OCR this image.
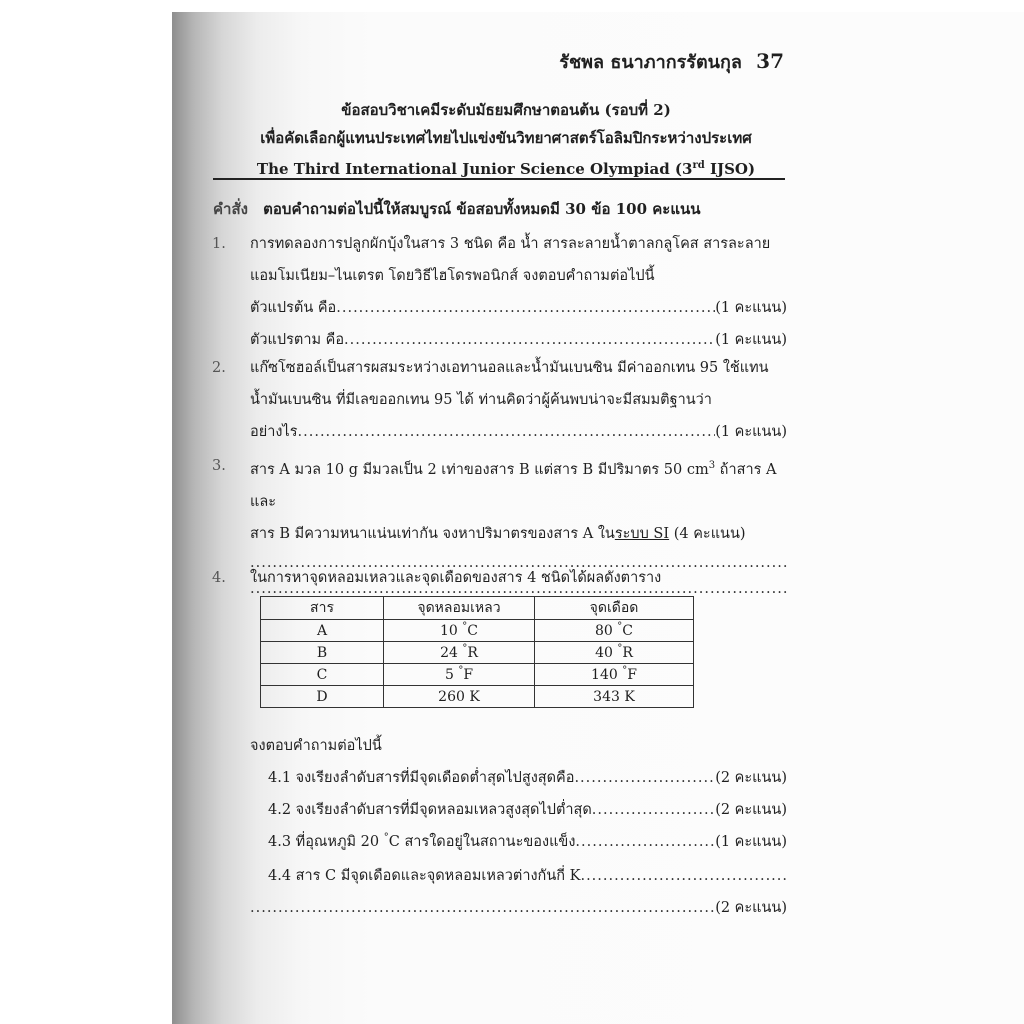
รัชพล ธนาภากรรัตนกุล 37
ข้อสอบวิชาเคมีระดับมัธยมศึกษาตอนต้น (รอบที่ 2)
เพื่อคัดเลือกผู้แทนประเทศไทยไปแข่งขันวิทยาศาสตร์โอลิมปิกระหว่างประเทศ
The Third International Junior Science Olympiad (3rd IJSO)
คำสั่ง ตอบคำถามต่อไปนี้ให้สมบูรณ์ ข้อสอบทั้งหมดมี 30 ข้อ 100 คะแนน
1.	การทดลองการปลูกผักบุ้งในสาร 3 ชนิด คือ น้ำ สารละลายน้ำตาลกลูโคส สารละลาย
แอมโมเนียม–ไนเตรต โดยวิธีไฮโดรพอนิกส์ จงตอบคำถามต่อไปนี้
ตัวแปรต้น คือ .....	(1 คะแนน)
ตัวแปรตาม คือ .....	(1 คะแนน)
2.	แก๊ซโซฮอล์เป็นสารผสมระหว่างเอทานอลและน้ำมันเบนซิน มีค่าออกเทน 95 ใช้แทน
น้ำมันเบนซิน ที่มีเลขออกเทน 95 ได้ ท่านคิดว่าผู้ค้นพบน่าจะมีสมมติฐานว่า
อย่างไร .....	(1 คะแนน)
3.	สาร A มวล 10 g มีมวลเป็น 2 เท่าของสาร B แต่สาร B มีปริมาตร 50 $cm^3$ ถ้าสาร A และ
สาร B มีความหนาแน่นเท่ากัน จงหาปริมาตรของสาร A ในระบบ SI (4 คะแนน)
.....
.....
4.	ในการหาจุดหลอมเหลวและจุดเดือดของสาร 4 ชนิดได้ผลดังตาราง
สาร	จุดหลอมเหลว	จุดเดือด
A	10 °C	80 °C
B	24 °R	40 °R
C	5 °F	140 °F
D	260 K	343 K
จงตอบคำถามต่อไปนี้
4.1 จงเรียงลำดับสารที่มีจุดเดือดต่ำสุดไปสูงสุดคือ .....	(2 คะแนน)
4.2 จงเรียงลำดับสารที่มีจุดหลอมเหลวสูงสุดไปต่ำสุด .....	(2 คะแนน)
4.3 ที่อุณหภูมิ 20 °C สารใดอยู่ในสถานะของแข็ง .....	(1 คะแนน)
4.4 สาร C มีจุดเดือดและจุดหลอมเหลวต่างกันกี่ K
.....
.....
(2 คะแนน)
